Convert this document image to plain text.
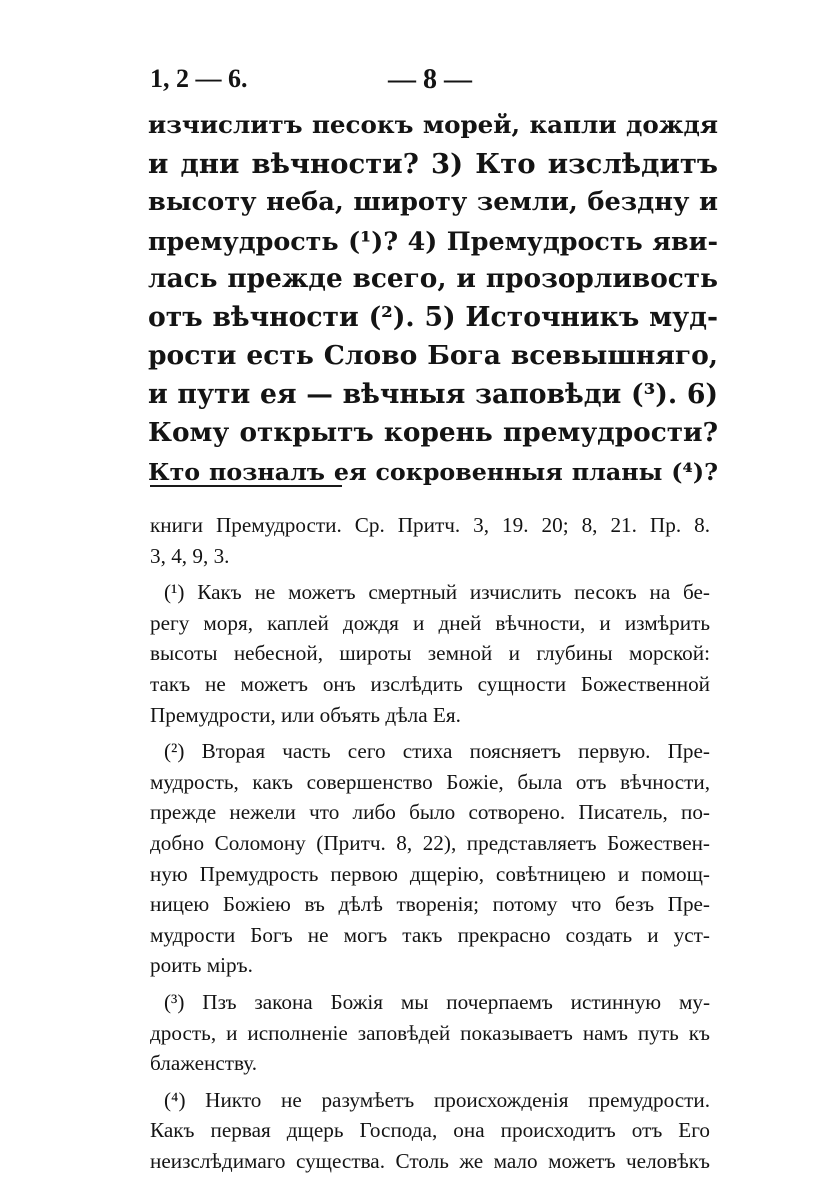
1, 2 — 6.	— 8 —
изчислитъ песокъ морей, капли дождя
и дни вѣчности? 3) Кто изслѣдитъ
высоту неба, широту земли, бездну и
премудрость (¹)? 4) Премудрость яви-
лась прежде всего, и прозорливость
отъ вѣчности (²). 5) Источникъ муд-
рости есть Слово Бога всевышняго,
и пути ея — вѣчныя заповѣди (³). 6)
Кому открытъ корень премудрости?
Кто позналъ ея сокровенныя планы (⁴)?
книги Премудрости. Ср. Притч. 3, 19. 20; 8, 21. Пр. 8.
3, 4, 9, 3.
(¹) Какъ не можетъ смертный изчислить песокъ на бе-
регу моря, каплей дождя и дней вѣчности, и измѣрить
высоты небесной, широты земной и глубины морской:
такъ не можетъ онъ изслѣдить сущности Божественной
Премудрости, или объять дѣла Ея.
(²) Вторая часть сего стиха поясняетъ первую. Пре-
мудрость, какъ совершенство Божіе, была отъ вѣчности,
прежде нежели что либо было сотворено. Писатель, по-
добно Соломону (Притч. 8, 22), представляетъ Божествен-
ную Премудрость первою дщерію, совѣтницею и помощ-
ницею Божіею въ дѣлѣ творенія; потому что безъ Пре-
мудрости Богъ не могъ такъ прекрасно создать и уст-
роить міръ.
(³) Пзъ закона Божія мы почерпаемъ истинную му-
дрость, и исполненіе заповѣдей показываетъ намъ путь къ
блаженству.
(⁴) Никто не разумѣетъ происхожденія премудрости.
Какъ первая дщерь Господа, она происходитъ отъ Его
неизслѣдимаго существа. Столь же мало можетъ человѣкъ
